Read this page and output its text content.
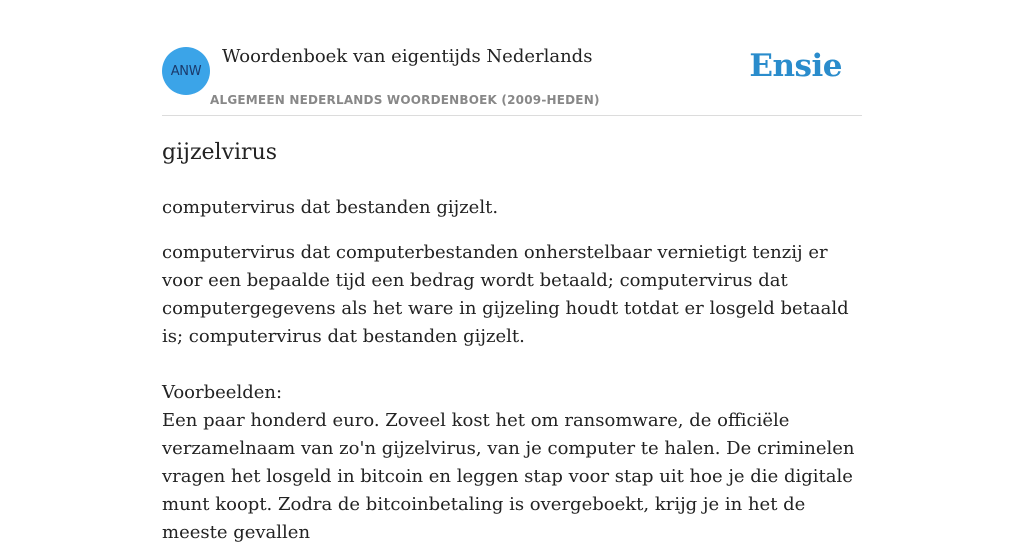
ANW
Woordenboek van eigentijds Nederlands
ALGEMEEN NEDERLANDS WOORDENBOEK (2009-HEDEN)
Ensie
gijzelvirus
computervirus dat bestanden gijzelt.

computervirus dat computerbestanden onherstelbaar vernietigt tenzij er voor een bepaalde tijd een bedrag wordt betaald; computervirus dat computergegevens als het ware in gijzeling houdt totdat er losgeld betaald is; computervirus dat bestanden gijzelt.

Voorbeelden:

Een paar honderd euro. Zoveel kost het om ransomware, de officiële verzamelnaam van zo'n gijzelvirus, van je computer te halen. De criminelen vragen het losgeld in bitcoin en leggen stap voor stap uit hoe je die digitale munt koopt. Zodra de bitcoinbetaling is overgeboekt, krijg je in het de meeste gevallen
